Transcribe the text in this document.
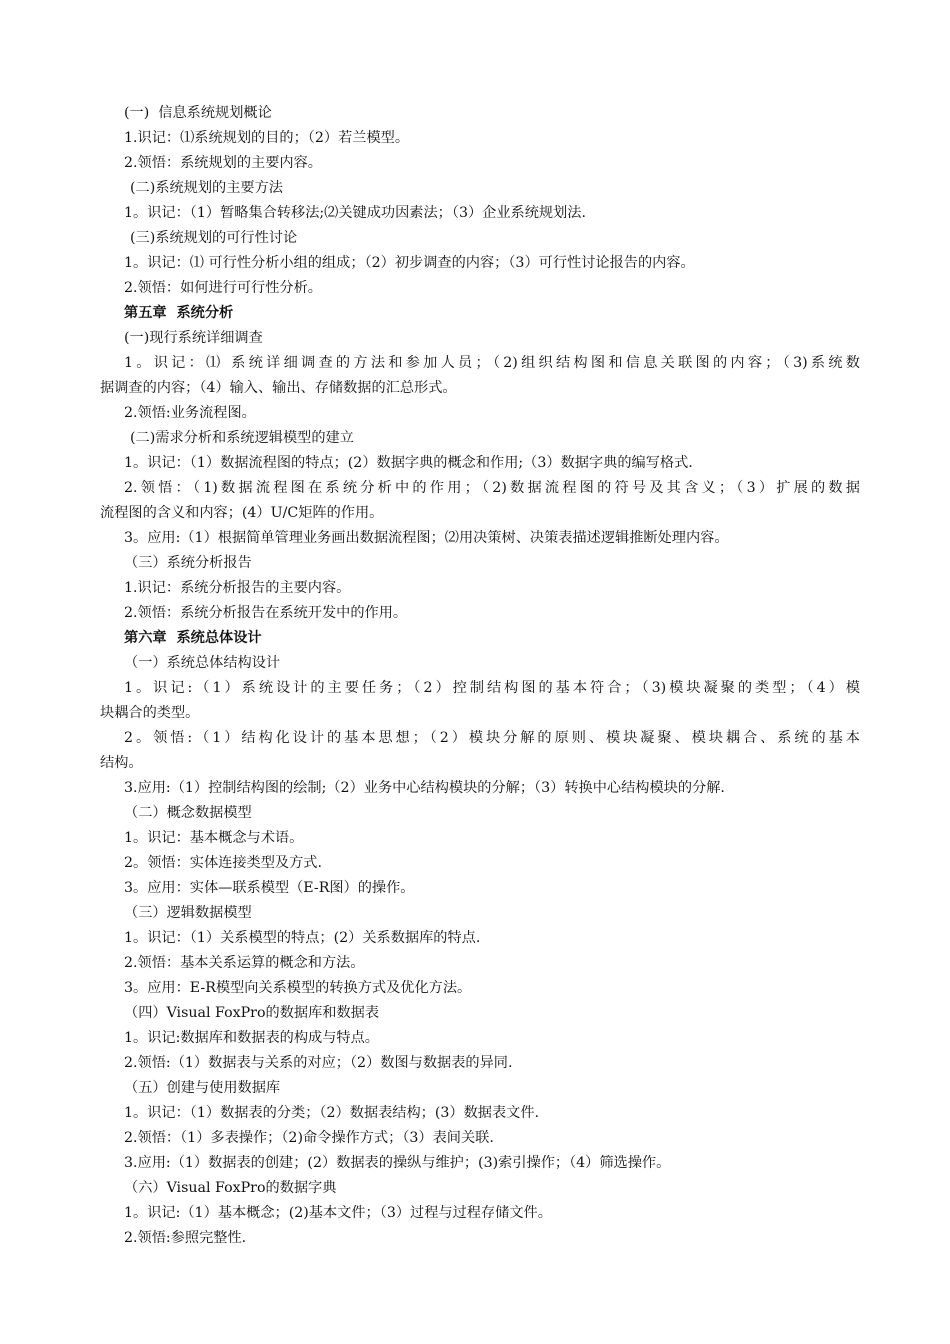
(一)  信息系统规划概论

1.识记：⑴系统规划的目的；（2）若兰模型。

2.领悟：系统规划的主要内容。

(二)系统规划的主要方法

1。识记：（1）暂略集合转移法;⑵关键成功因素法；（3）企业系统规划法.

(三)系统规划的可行性讨论

1。识记：⑴ 可行性分析小组的组成；（2）初步调查的内容；（3）可行性讨论报告的内容。

2.领悟：如何进行可行性分析。

第五章  系统分析

(一)现行系统详细调查

1。识记：⑴ 系统详细调查的方法和参加人员；（2)组织结构图和信息关联图的内容；（3)系统数

据调查的内容；（4）输入、输出、存储数据的汇总形式。

2.领悟:业务流程图。

(二)需求分析和系统逻辑模型的建立

1。识记：（1）数据流程图的特点；(2）数据字典的概念和作用;（3）数据字典的编写格式.

2.领悟：（1)数据流程图在系统分析中的作用；（2)数据流程图的符号及其含义；（3）扩展的数据

流程图的含义和内容；(4）U/C矩阵的作用。

3。应用:（1）根据简单管理业务画出数据流程图；⑵用决策树、决策表描述逻辑推断处理内容。

（三）系统分析报告

1.识记：系统分析报告的主要内容。

2.领悟：系统分析报告在系统开发中的作用。

第六章  系统总体设计

（一）系统总体结构设计

1。识记:（1）系统设计的主要任务；（2）控制结构图的基本符合；（3)模块凝聚的类型；（4）模

块耦合的类型。

2。领悟:（1）结构化设计的基本思想；（2）模块分解的原则、模块凝聚、模块耦合、系统的基本

结构。

3.应用:（1）控制结构图的绘制;（2）业务中心结构模块的分解；（3）转换中心结构模块的分解.

（二）概念数据模型

1。识记：基本概念与术语。

2。领悟：实体连接类型及方式.

3。应用：实体—联系模型（E-R图）的操作。

（三）逻辑数据模型

1。识记：（1）关系模型的特点；(2）关系数据库的特点.

2.领悟：基本关系运算的概念和方法。

3。应用：E-R模型向关系模型的转换方式及优化方法。

（四）Visual FoxPro的数据库和数据表

1。识记:数据库和数据表的构成与特点。

2.领悟:（1）数据表与关系的对应；（2）数图与数据表的异同.

（五）创建与使用数据库

1。识记：（1）数据表的分类；（2）数据表结构；(3）数据表文件.

2.领悟：（1）多表操作；（2)命令操作方式；（3）表间关联.

3.应用:（1）数据表的创建；(2）数据表的操纵与维护；(3)索引操作；（4）筛选操作。

（六）Visual FoxPro的数据字典

1。识记:（1）基本概念；(2)基本文件；（3）过程与过程存储文件。

2.领悟:参照完整性.
